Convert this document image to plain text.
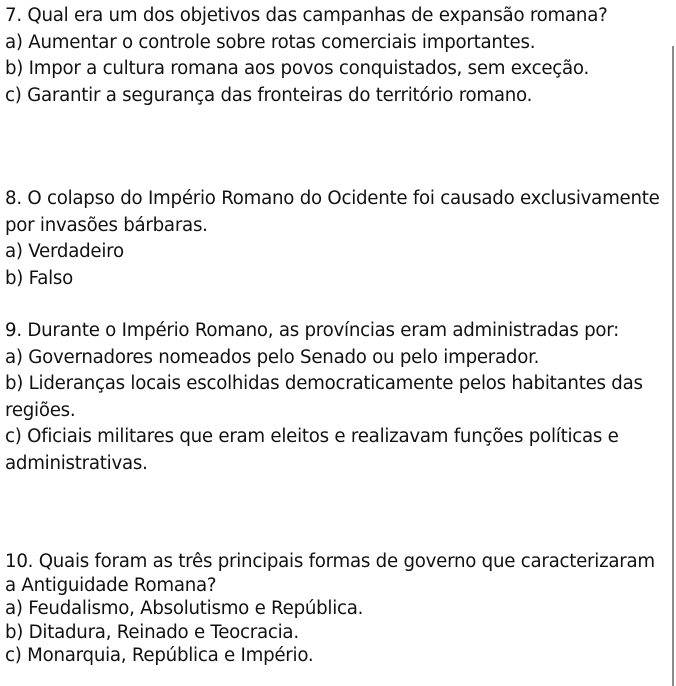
7. Qual era um dos objetivos das campanhas de expansão romana?

a) Aumentar o controle sobre rotas comerciais importantes.

b) Impor a cultura romana aos povos conquistados, sem exceção.

c) Garantir a segurança das fronteiras do território romano.

8. O colapso do Império Romano do Ocidente foi causado exclusivamente por invasões bárbaras.

a) Verdadeiro

b) Falso

9. Durante o Império Romano, as províncias eram administradas por:

a) Governadores nomeados pelo Senado ou pelo imperador.

b) Lideranças locais escolhidas democraticamente pelos habitantes das regiões.

c) Oficiais militares que eram eleitos e realizavam funções políticas e administrativas.

10. Quais foram as três principais formas de governo que caracterizaram a Antiguidade Romana?

a) Feudalismo, Absolutismo e República.

b) Ditadura, Reinado e Teocracia.

c) Monarquia, República e Império.
